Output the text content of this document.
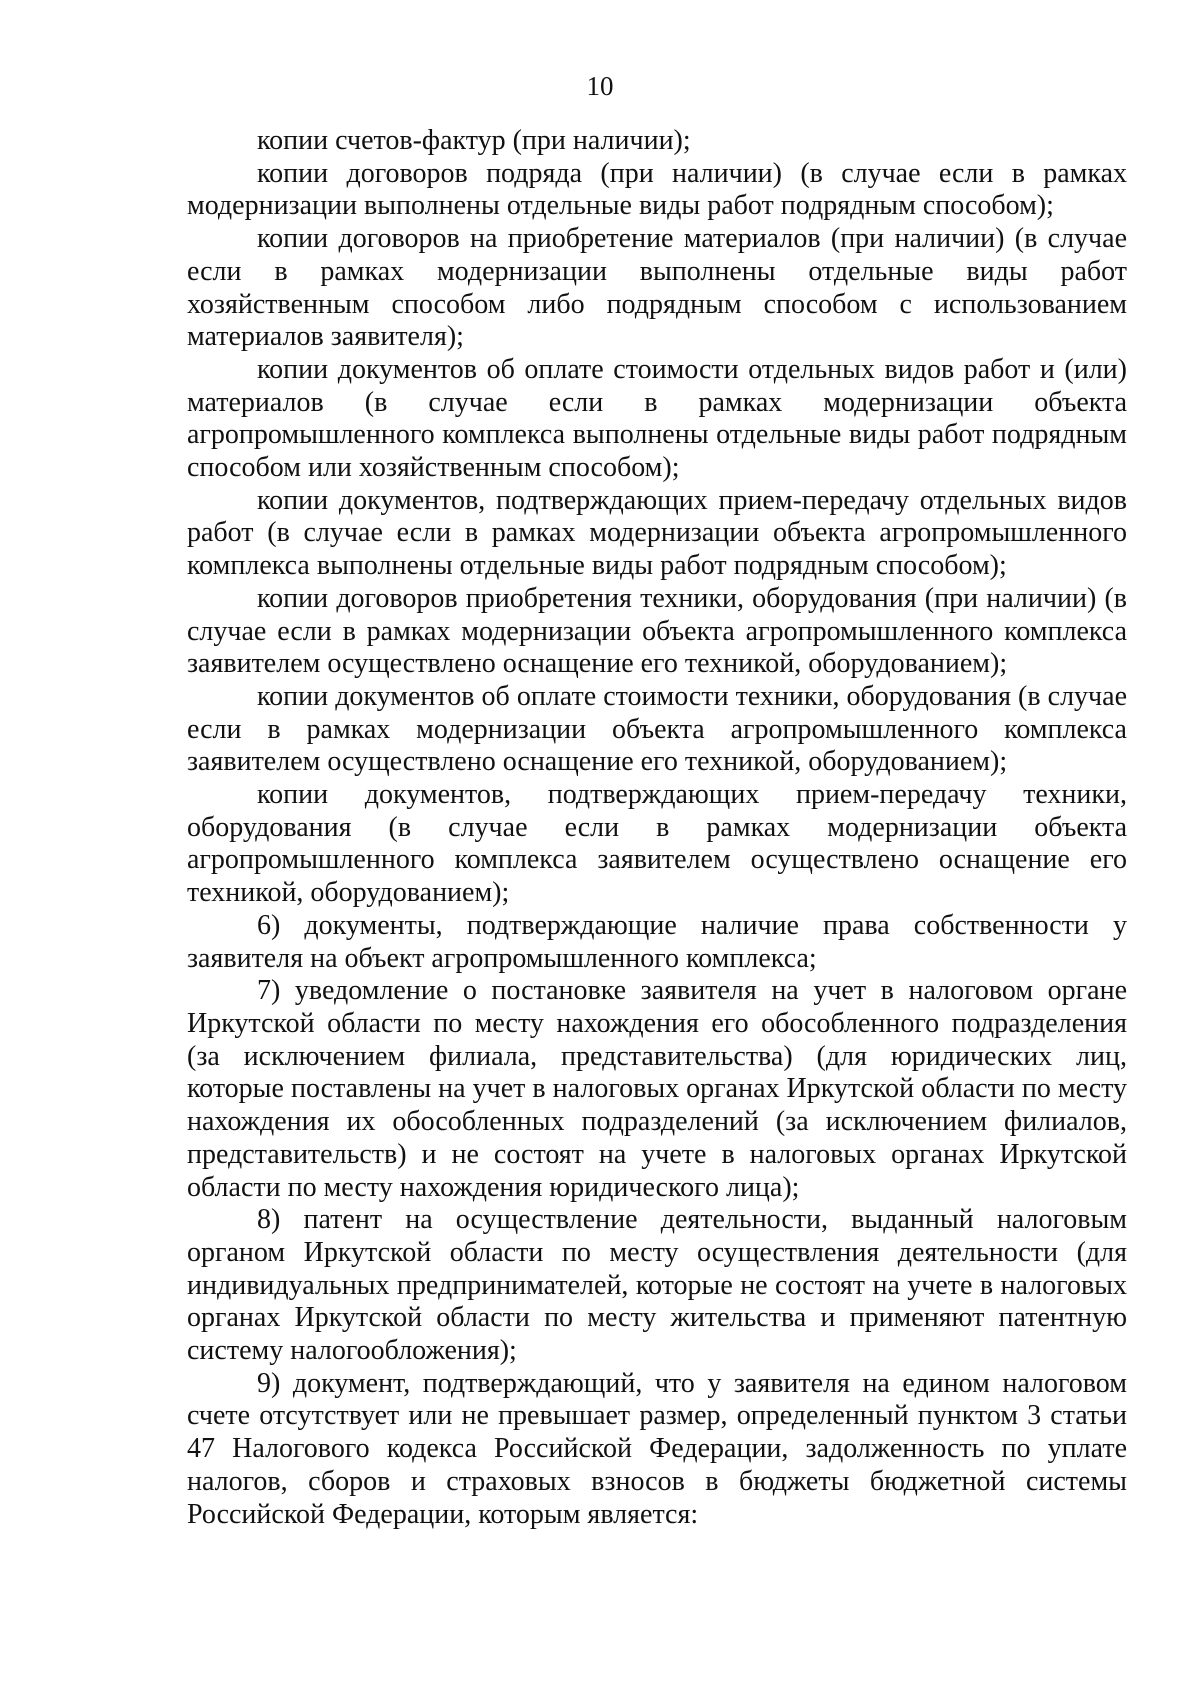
10

копии счетов-фактур (при наличии);

копии договоров подряда (при наличии) (в случае если в рамках модернизации выполнены отдельные виды работ подрядным способом);

копии договоров на приобретение материалов (при наличии) (в случае если в рамках модернизации выполнены отдельные виды работ хозяйственным способом либо подрядным способом с использованием материалов заявителя);

копии документов об оплате стоимости отдельных видов работ и (или) материалов (в случае если в рамках модернизации объекта агропромышленного комплекса выполнены отдельные виды работ подрядным способом или хозяйственным способом);

копии документов, подтверждающих прием-передачу отдельных видов работ (в случае если в рамках модернизации объекта агропромышленного комплекса выполнены отдельные виды работ подрядным способом);

копии договоров приобретения техники, оборудования (при наличии) (в случае если в рамках модернизации объекта агропромышленного комплекса заявителем осуществлено оснащение его техникой, оборудованием);

копии документов об оплате стоимости техники, оборудования (в случае если в рамках модернизации объекта агропромышленного комплекса заявителем осуществлено оснащение его техникой, оборудованием);

копии документов, подтверждающих прием-передачу техники, оборудования (в случае если в рамках модернизации объекта агропромышленного комплекса заявителем осуществлено оснащение его техникой, оборудованием);

6) документы, подтверждающие наличие права собственности у заявителя на объект агропромышленного комплекса;

7) уведомление о постановке заявителя на учет в налоговом органе Иркутской области по месту нахождения его обособленного подразделения (за исключением филиала, представительства) (для юридических лиц, которые поставлены на учет в налоговых органах Иркутской области по месту нахождения их обособленных подразделений (за исключением филиалов, представительств) и не состоят на учете в налоговых органах Иркутской области по месту нахождения юридического лица);

8) патент на осуществление деятельности, выданный налоговым органом Иркутской области по месту осуществления деятельности (для индивидуальных предпринимателей, которые не состоят на учете в налоговых органах Иркутской области по месту жительства и применяют патентную систему налогообложения);

9) документ, подтверждающий, что у заявителя на едином налоговом счете отсутствует или не превышает размер, определенный пунктом 3 статьи 47 Налогового кодекса Российской Федерации, задолженность по уплате налогов, сборов и страховых взносов в бюджеты бюджетной системы Российской Федерации, которым является:
